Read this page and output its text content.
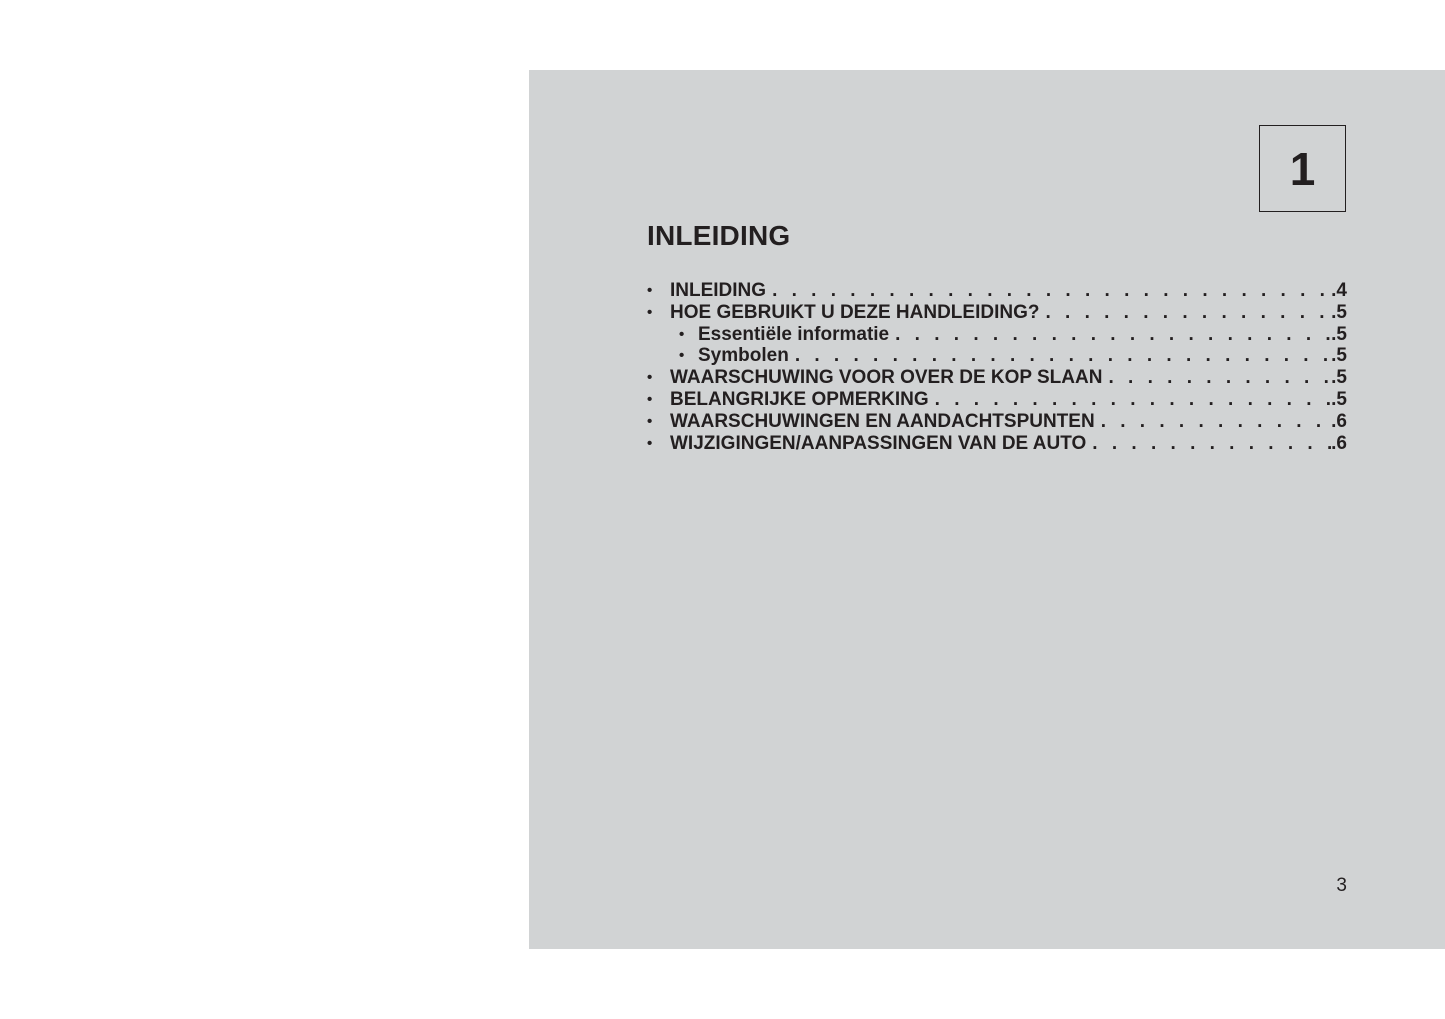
1
INLEIDING
• INLEIDING . . .	.4
• HOE GEBRUIKT U DEZE HANDLEIDING? . . .	.5
• Essentiële informatie . . .	.5
• Symbolen . . .	.5
• WAARSCHUWING VOOR OVER DE KOP SLAAN . . .	.5
• BELANGRIJKE OPMERKING . . .	.5
• WAARSCHUWINGEN EN AANDACHTSPUNTEN . . .	.6
• WIJZIGINGEN/AANPASSINGEN VAN DE AUTO . . .	.6
3
